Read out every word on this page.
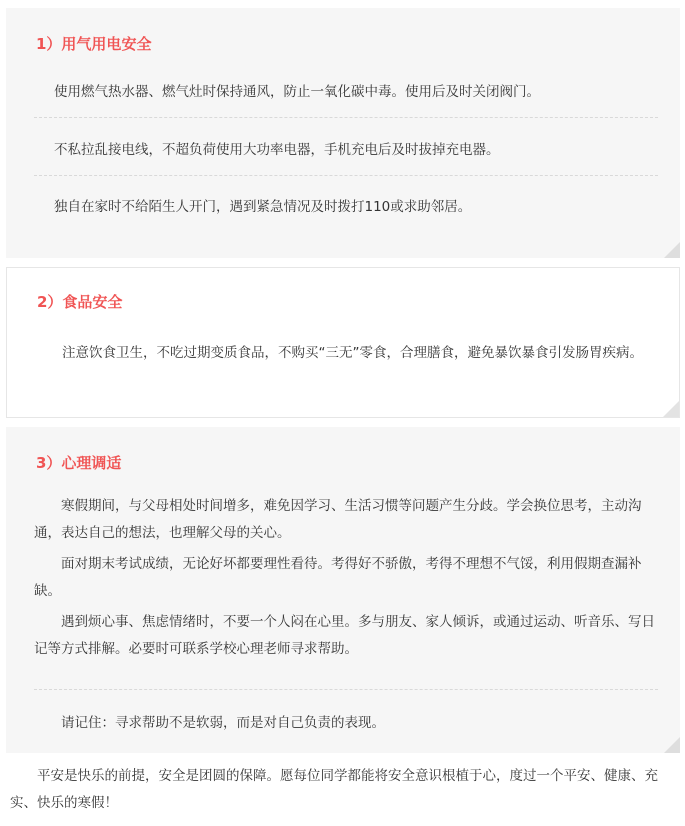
1）用气用电安全
使用燃气热水器、燃气灶时保持通风，防止一氧化碳中毒。使用后及时关闭阀门。
不私拉乱接电线，不超负荷使用大功率电器，手机充电后及时拔掉充电器。
独自在家时不给陌生人开门，遇到紧急情况及时拨打110或求助邻居。
2）食品安全
注意饮食卫生，不吃过期变质食品，不购买“三无”零食，合理膳食，避免暴饮暴食引发肠胃疾病。
3）心理调适
寒假期间，与父母相处时间增多，难免因学习、生活习惯等问题产生分歧。学会换位思考，主动沟通，表达自己的想法，也理解父母的关心。
面对期末考试成绩，无论好坏都要理性看待。考得好不骄傲，考得不理想不气馁，利用假期查漏补缺。
遇到烦心事、焦虑情绪时，不要一个人闷在心里。多与朋友、家人倾诉，或通过运动、听音乐、写日记等方式排解。必要时可联系学校心理老师寻求帮助。
请记住：寻求帮助不是软弱，而是对自己负责的表现。
平安是快乐的前提，安全是团圆的保障。愿每位同学都能将安全意识根植于心，度过一个平安、健康、充实、快乐的寒假！
